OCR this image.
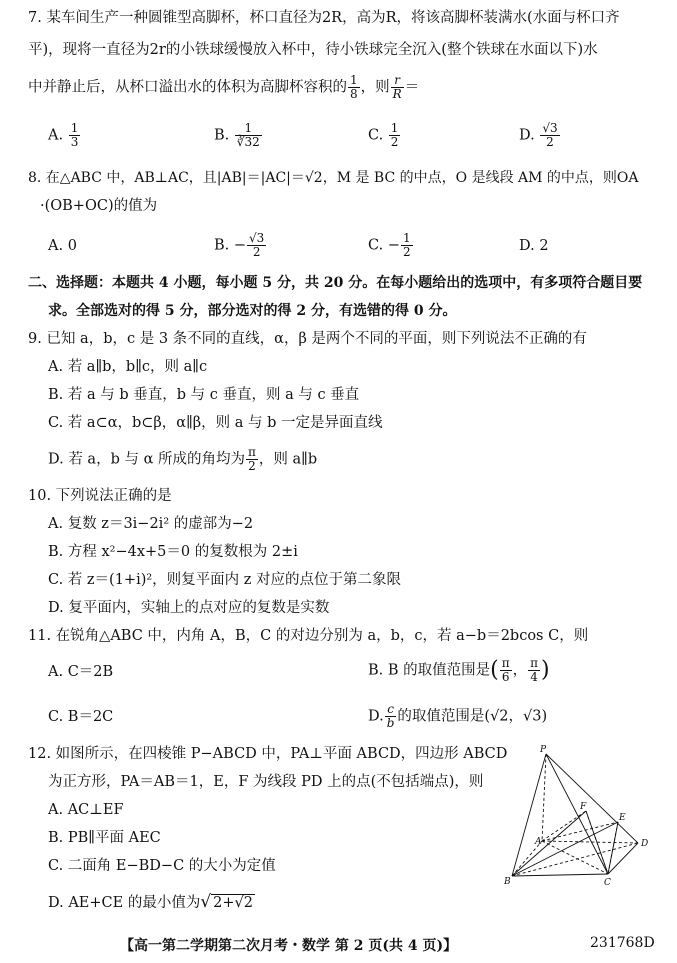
7. 某车间生产一种圆锥型高脚杯，杯口直径为2R，高为R，将该高脚杯装满水(水面与杯口齐
平)，现将一直径为2r的小铁球缓慢放入杯中，待小铁球完全沉入(整个铁球在水面以下)水
中并静止后，从杯口溢出水的体积为高脚杯容积的 $\frac{1}{8}$ ，则 $\frac{r}{R}$ ＝
A. $\frac{1}{3}$	B. $\frac{1}{∛32}$	C. $\frac{1}{2}$	D. $\frac{√3}{2}$
8. 在△ABC 中，AB⊥AC，且|AB|＝|AC|＝√2，M 是 BC 的中点，O 是线段 AM 的中点，则OA
·(OB+OC)的值为
A. 0	B. − $\frac{√3}{2}$	C. − $\frac{1}{2}$	D. 2
二、选择题：本题共 4 小题，每小题 5 分，共 20 分。在每小题给出的选项中，有多项符合题目要
求。全部选对的得 5 分，部分选对的得 2 分，有选错的得 0 分。
9. 已知 a，b，c 是 3 条不同的直线，α，β 是两个不同的平面，则下列说法不正确的有
A. 若 a∥b，b∥c，则 a∥c
B. 若 a 与 b 垂直，b 与 c 垂直，则 a 与 c 垂直
C. 若 a⊂α，b⊂β，α∥β，则 a 与 b 一定是异面直线
D. 若 a，b 与 α 所成的角均为 $\frac{\pi}{2}$ ，则 a∥b
10. 下列说法正确的是
A. 复数 z＝3i−2i² 的虚部为−2
B. 方程 x²−4x+5＝0 的复数根为 2±i
C. 若 z＝(1+i)²，则复平面内 z 对应的点位于第二象限
D. 复平面内，实轴上的点对应的复数是实数
11. 在锐角△ABC 中，内角 A，B，C 的对边分别为 a，b，c，若 a−b＝2bcos C，则
A. C＝2B	B. B 的取值范围是( $\frac{\pi}{6}$ ， $\frac{\pi}{4}$ )
C. B＝2C	D. $\frac{c}{b}$ 的取值范围是(√2，√3)
12. 如图所示，在四棱锥 P−ABCD 中，PA⊥平面 ABCD，四边形 ABCD
为正方形，PA＝AB＝1，E，F 为线段 PD 上的点(不包括端点)，则
A. AC⊥EF
B. PB∥平面 AEC
C. 二面角 E−BD−C 的大小为定值
D. AE+CE 的最小值为√ 2+√2
P
F
E
A
B	C
D
【高一第二学期第二次月考・数学 第 2 页(共 4 页)】	231768D
